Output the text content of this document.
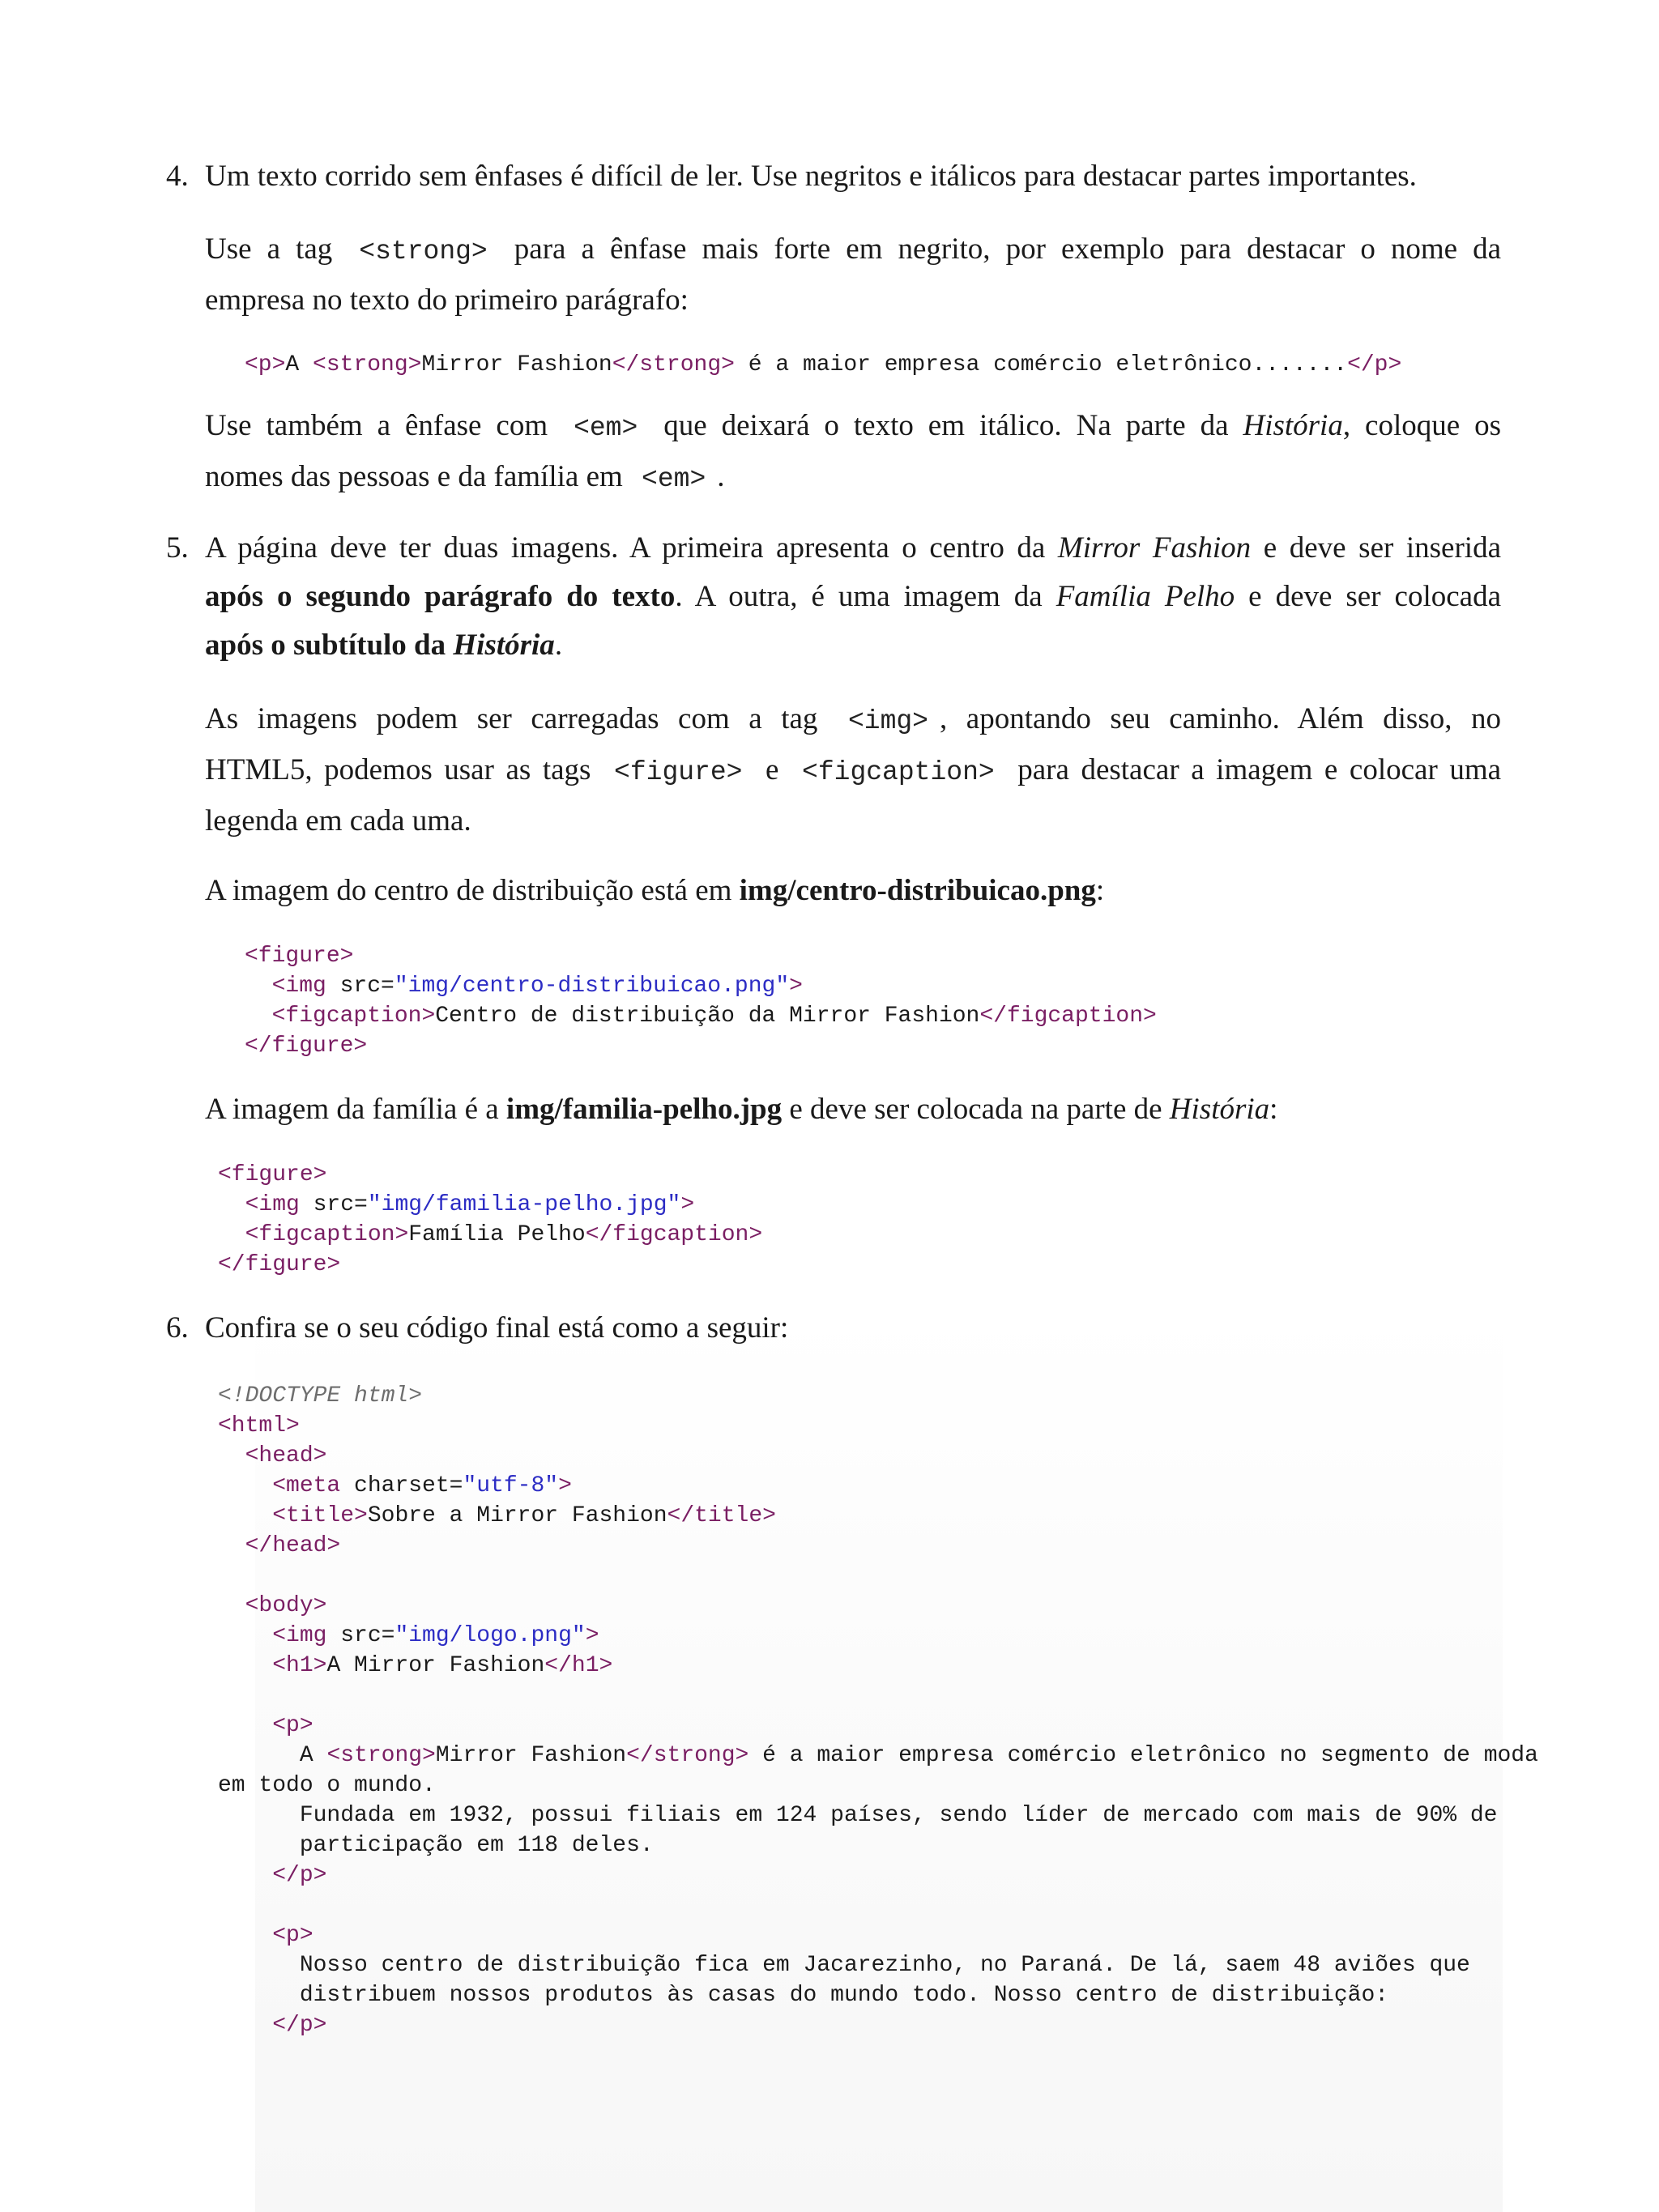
4. Um texto corrido sem ênfases é difícil de ler. Use negritos e itálicos para destacar partes importantes.

Use a tag <strong> para a ênfase mais forte em negrito, por exemplo para destacar o nome da
empresa no texto do primeiro parágrafo:

<p>A <strong>Mirror Fashion</strong> é a maior empresa comércio eletrônico.......</p>

Use também a ênfase com <em> que deixará o texto em itálico. Na parte da História, coloque os
nomes das pessoas e da família em <em> .

5. A página deve ter duas imagens. A primeira apresenta o centro da Mirror Fashion e deve ser inserida
após o segundo parágrafo do texto. A outra, é uma imagem da Família Pelho e deve ser colocada
após o subtítulo da História.

As imagens podem ser carregadas com a tag <img> , apontando seu caminho. Além disso, no
HTML5, podemos usar as tags <figure> e <figcaption> para destacar a imagem e colocar uma
legenda em cada uma.

A imagem do centro de distribuição está em img/centro-distribuicao.png:

<figure>
<img src="img/centro-distribuicao.png">
<figcaption>Centro de distribuição da Mirror Fashion</figcaption>
</figure>

A imagem da família é a img/familia-pelho.jpg e deve ser colocada na parte de História:

<figure>
<img src="img/familia-pelho.jpg">
<figcaption>Família Pelho</figcaption>
</figure>
6. Confira se o seu código final está como a seguir:

<!DOCTYPE html>
<html>
<head>
<meta charset="utf-8">
<title>Sobre a Mirror Fashion</title>
</head>

<body>
<img src="img/logo.png">
<h1>A Mirror Fashion</h1>

<p>
A <strong>Mirror Fashion</strong> é a maior empresa comércio eletrônico no segmento de moda
em todo o mundo.
Fundada em 1932, possui filiais em 124 países, sendo líder de mercado com mais de 90% de
participação em 118 deles.
</p>

<p>
Nosso centro de distribuição fica em Jacarezinho, no Paraná. De lá, saem 48 aviões que
distribuem nossos produtos às casas do mundo todo. Nosso centro de distribuição:
</p>
